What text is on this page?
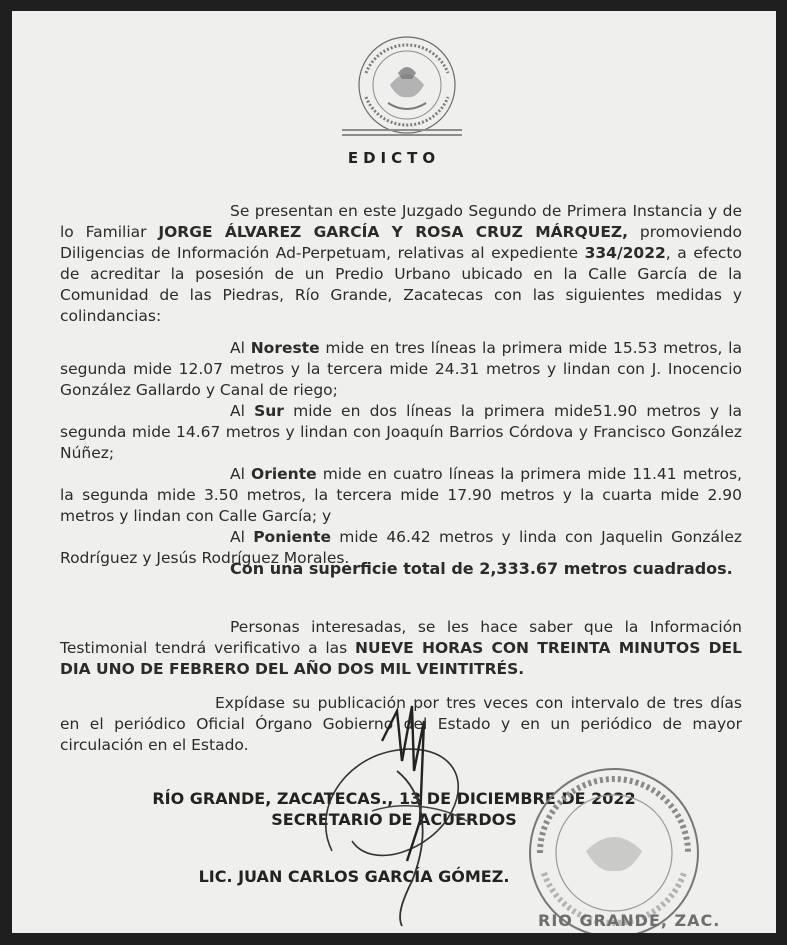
EDICTO
Se presentan en este Juzgado Segundo de Primera Instancia y de lo Familiar JORGE ÁLVAREZ GARCÍA Y ROSA CRUZ MÁRQUEZ, promoviendo Diligencias de Información Ad-Perpetuam, relativas al expediente 334/2022, a efecto de acreditar la posesión de un Predio Urbano ubicado en la Calle García de la Comunidad de las Piedras, Río Grande, Zacatecas con las siguientes medidas y colindancias:
Al Noreste mide en tres líneas la primera mide 15.53 metros, la segunda mide 12.07 metros y la tercera mide 24.31 metros y lindan con J. Inocencio González Gallardo y Canal de riego;
Al Sur mide en dos líneas la primera mide51.90 metros y la segunda mide 14.67 metros y lindan con Joaquín Barrios Córdova y Francisco González Núñez;
Al Oriente mide en cuatro líneas la primera mide 11.41 metros, la segunda mide 3.50 metros, la tercera mide 17.90 metros y la cuarta mide 2.90 metros y lindan con Calle García; y
Al Poniente mide 46.42 metros y linda con Jaquelin González Rodríguez y Jesús Rodríguez Morales.
Con una superficie total de 2,333.67 metros cuadrados.
Personas interesadas, se les hace saber que la Información Testimonial tendrá verificativo a las NUEVE HORAS CON TREINTA MINUTOS DEL DIA UNO DE FEBRERO DEL AÑO DOS MIL VEINTITRÉS.
Expídase su publicación por tres veces con intervalo de tres días en el periódico Oficial Órgano Gobierno del Estado y en un periódico de mayor circulación en el Estado.
RÍO GRANDE, ZACATECAS., 13 DE DICIEMBRE DE 2022
SECRETARIO DE ACUERDOS
LIC. JUAN CARLOS GARCÍA GÓMEZ.
RIO GRANDE, ZAC.
